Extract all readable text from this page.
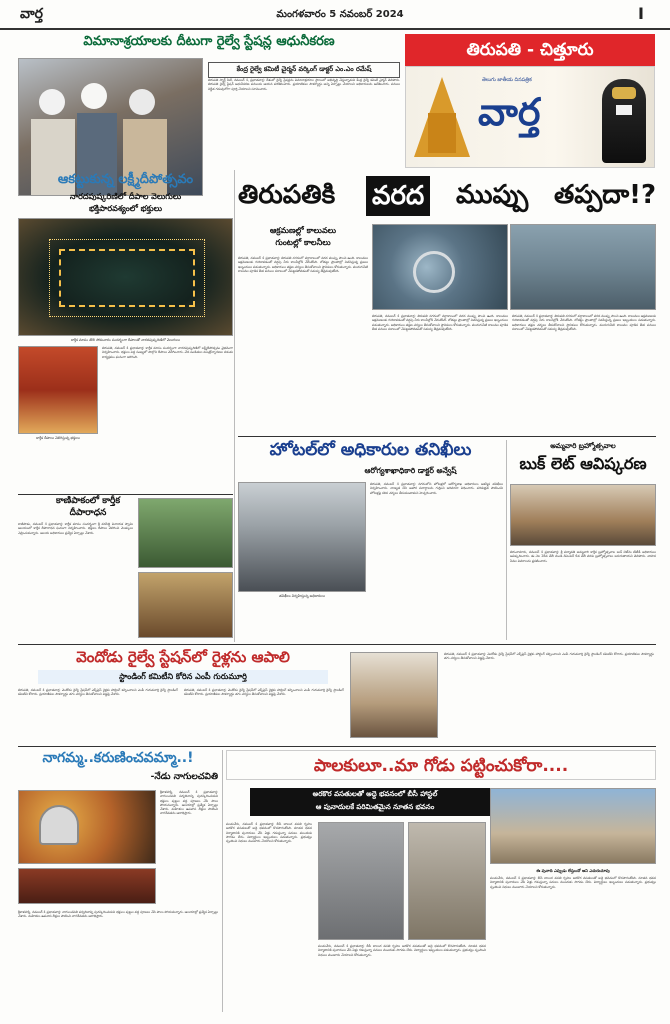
వార్త	మంగళవారం 5 నవంబర్ 2024	I
విమానాశ్రయాలకు దీటుగా రైల్వే స్టేషన్ల ఆధునీకరణ
కేంద్ర రైల్వే కమిటీ చైర్మన్ వర్కింగ్ డాక్టర్ ఎం.ఎం రమేష్
తిరుపతి స్మార్ట్ సిటీ, నవంబర్ 4, ప్రభాతవార్త: దేశంలో రైల్వే స్టేషన్లను విమానాశ్రయాల స్థాయిలో అభివృద్ధి చేస్తున్నామని కేంద్ర రైల్వే కమిటీ చైర్మన్ తెలిపారు. తిరుపతి రైల్వే స్టేషన్ ఆధునీకరణ పనులను ఆయన పరిశీలించారు. ప్రయాణికుల సౌకర్యార్థం అన్ని ఏర్పాట్లు చేయాలని అధికారులను ఆదేశించారు. పనులు నిర్ణీత గడువులోగా పూర్తి చేయాలని సూచించారు.
తిరుపతి - చిత్తూరు
వార్త
తెలుగు జాతీయ దినపత్రిక
ఆకట్టుకున్న లక్ష్మీదీపోత్సవం
నారదపుష్కరిణిలో దీపాల వెలుగులు
భక్తిపారవశ్యంలో భక్తులు
కార్తీక మాసం తొలి సోమవారం సందర్భంగా దీపాలతో నారదపుష్కరిణిలో వెలుగులు
కార్తీక దీపాలు వెలిగిస్తున్న భక్తులు
తిరుపతి, నవంబర్ 4 ప్రభాతవార్త: కార్తీక మాసం సందర్భంగా నారదపుష్కరిణిలో లక్ష్మీదీపోత్సవం వైభవంగా నిర్వహించారు. భక్తులు పెద్ద సంఖ్యలో పాల్గొని దీపాలు వెలిగించారు. వేద పండితుల మంత్రోచ్ఛారణల నడుమ కార్యక్రమం ఘనంగా జరిగింది.
కాణిపాకంలో కార్తీక దీపారాధన
కాణిపాకం, నవంబర్ 4 ప్రభాతవార్త: కార్తీక మాసం సందర్భంగా శ్రీ వరసిద్ధి వినాయక స్వామి ఆలయంలో కార్తీక దీపారాధన ఘనంగా నిర్వహించారు. భక్తులు దీపాలు వెలిగించి మొక్కులు చెల్లించుకున్నారు. ఆలయ అధికారులు ప్రత్యేక ఏర్పాట్లు చేశారు.
తిరుపతికి వరద ముప్పు తప్పదా!?
ఆక్రమణల్లో కాలువలు
గుంటల్లో కాలనీలు
తిరుపతి, నవంబర్ 4 ప్రభాతవార్త: తిరుపతి నగరంలో వర్షాకాలంలో వరద ముప్పు పొంచి ఉంది. కాలువలు ఆక్రమణలకు గురికావడంతో వర్షపు నీరు కాలనీల్లోకి చేరుతోంది. లోతట్టు ప్రాంతాల్లో నివసిస్తున్న ప్రజలు ఇబ్బందులు పడుతున్నారు. అధికారులు తక్షణ చర్యలు తీసుకోవాలని స్థానికులు కోరుతున్నారు. మురుగునీటి కాలువల పూడిక తీత పనులు సకాలంలో చేపట్టకపోవడంతో సమస్య తీవ్రమవుతోంది.
తిరుపతి, నవంబర్ 4 ప్రభాతవార్త: తిరుపతి నగరంలో వర్షాకాలంలో వరద ముప్పు పొంచి ఉంది. కాలువలు ఆక్రమణలకు గురికావడంతో వర్షపు నీరు కాలనీల్లోకి చేరుతోంది. లోతట్టు ప్రాంతాల్లో నివసిస్తున్న ప్రజలు ఇబ్బందులు పడుతున్నారు. అధికారులు తక్షణ చర్యలు తీసుకోవాలని స్థానికులు కోరుతున్నారు. మురుగునీటి కాలువల పూడిక తీత పనులు సకాలంలో చేపట్టకపోవడంతో సమస్య తీవ్రమవుతోంది.
తిరుపతి, నవంబర్ 4 ప్రభాతవార్త: తిరుపతి నగరంలో వర్షాకాలంలో వరద ముప్పు పొంచి ఉంది. కాలువలు ఆక్రమణలకు గురికావడంతో వర్షపు నీరు కాలనీల్లోకి చేరుతోంది. లోతట్టు ప్రాంతాల్లో నివసిస్తున్న ప్రజలు ఇబ్బందులు పడుతున్నారు. అధికారులు తక్షణ చర్యలు తీసుకోవాలని స్థానికులు కోరుతున్నారు. మురుగునీటి కాలువల పూడిక తీత పనులు సకాలంలో చేపట్టకపోవడంతో సమస్య తీవ్రమవుతోంది.
హోటల్‌లో అధికారుల తనిఖీలు
ఆరోగ్యశాఖాధికారి డాక్టర్ అన్వేష్
తనిఖీలు నిర్వహిస్తున్న అధికారులు
తిరుపతి, నవంబర్ 4 ప్రభాతవార్త: నగరంలోని హోటళ్లలో ఆరోగ్యశాఖ అధికారులు ఆకస్మిక తనిఖీలు నిర్వహించారు. నాణ్యత లేని ఆహార పదార్థాలను గుర్తించి జరిమానా విధించారు. పరిశుభ్రత పాటించని హోటళ్లపై కఠిన చర్యలు తీసుకుంటామని హెచ్చరించారు.
అమ్మవారి బ్రహ్మోత్సవాల
బుక్ లెట్ ఆవిష్కరణ
తిరుచానూరు, నవంబర్ 4 ప్రభాతవార్త: శ్రీ పద్మావతి అమ్మవారి కార్తీక బ్రహ్మోత్సవాల బుక్ లెట్‌ను టీటీడీ అధికారులు ఆవిష్కరించారు. ఈ నెల 28వ తేదీ నుండి డిసెంబర్ 6వ తేదీ వరకు బ్రహ్మోత్సవాలు జరుగుతాయని తెలిపారు. వాహన సేవల వివరాలను ప్రకటించారు.
వెందోడు రైల్వే స్టేషన్‌లో రైళ్లను ఆపాలి
స్టాండింగ్ కమిటీని కోరిన ఎంపీ గురుమూర్తి
తిరుపతి, నవంబర్ 4 ప్రభాతవార్త: వెందోడు రైల్వే స్టేషన్‌లో ఎక్స్‌ప్రెస్ రైళ్లకు హాల్టింగ్ కల్పించాలని ఎంపీ గురుమూర్తి రైల్వే స్టాండింగ్ కమిటీని కోరారు. ప్రయాణికుల సౌకర్యార్థం తగు చర్యలు తీసుకోవాలని విజ్ఞప్తి చేశారు.
తిరుపతి, నవంబర్ 4 ప్రభాతవార్త: వెందోడు రైల్వే స్టేషన్‌లో ఎక్స్‌ప్రెస్ రైళ్లకు హాల్టింగ్ కల్పించాలని ఎంపీ గురుమూర్తి రైల్వే స్టాండింగ్ కమిటీని కోరారు. ప్రయాణికుల సౌకర్యార్థం తగు చర్యలు తీసుకోవాలని విజ్ఞప్తి చేశారు.
తిరుపతి, నవంబర్ 4 ప్రభాతవార్త: వెందోడు రైల్వే స్టేషన్‌లో ఎక్స్‌ప్రెస్ రైళ్లకు హాల్టింగ్ కల్పించాలని ఎంపీ గురుమూర్తి రైల్వే స్టాండింగ్ కమిటీని కోరారు. ప్రయాణికుల సౌకర్యార్థం తగు చర్యలు తీసుకోవాలని విజ్ఞప్తి చేశారు.
నాగమ్మ..కరుణించవమ్మా..!
-నేడు నాగులచవితి
శ్రీకాళహస్తి, నవంబర్ 4 ప్రభాతవార్త: నాగులచవితి పర్వదినాన్ని పురస్కరించుకుని భక్తులు పుట్టల వద్ద పూజలు చేసి పాలు పోయనున్నారు. ఆలయాల్లో ప్రత్యేక ఏర్పాట్లు చేశారు. మహిళలు ఉపవాస దీక్షలు పాటించి నాగదేవతను ఆరాధిస్తారు.
శ్రీకాళహస్తి, నవంబర్ 4 ప్రభాతవార్త: నాగులచవితి పర్వదినాన్ని పురస్కరించుకుని భక్తులు పుట్టల వద్ద పూజలు చేసి పాలు పోయనున్నారు. ఆలయాల్లో ప్రత్యేక ఏర్పాట్లు చేశారు. మహిళలు ఉపవాస దీక్షలు పాటించి నాగదేవతను ఆరాధిస్తారు.
పాలకులూ..మా గోడు పట్టించుకోరా....
అరకొర వసతులతో అద్దె భవనంలో బీసీ హాస్టల్
ఆ పునాదులకే పరిమితమైన నూతన భవనం
పలమనేరు, నవంబర్ 4 ప్రభాతవార్త: బీసీ బాలుర వసతి గృహం అరకొర వసతులతో అద్దె భవనంలో కొనసాగుతోంది. నూతన భవన నిర్మాణానికి పునాదులు వేసి ఏళ్లు గడుస్తున్నా పనులు ముందుకు సాగడం లేదు. విద్యార్థులు ఇబ్బందులు పడుతున్నారు. ప్రభుత్వం స్పందించి నిధులు మంజూరు చేయాలని కోరుతున్నారు.
పలమనేరు, నవంబర్ 4 ప్రభాతవార్త: బీసీ బాలుర వసతి గృహం అరకొర వసతులతో అద్దె భవనంలో కొనసాగుతోంది. నూతన భవన నిర్మాణానికి పునాదులు వేసి ఏళ్లు గడుస్తున్నా పనులు ముందుకు సాగడం లేదు. విద్యార్థులు ఇబ్బందులు పడుతున్నారు. ప్రభుత్వం స్పందించి నిధులు మంజూరు చేయాలని కోరుతున్నారు.
ఈ పునాది ఎప్పుడు లేస్తుందో అని ఎదురుచూపు
పలమనేరు, నవంబర్ 4 ప్రభాతవార్త: బీసీ బాలుర వసతి గృహం అరకొర వసతులతో అద్దె భవనంలో కొనసాగుతోంది. నూతన భవన నిర్మాణానికి పునాదులు వేసి ఏళ్లు గడుస్తున్నా పనులు ముందుకు సాగడం లేదు. విద్యార్థులు ఇబ్బందులు పడుతున్నారు. ప్రభుత్వం స్పందించి నిధులు మంజూరు చేయాలని కోరుతున్నారు.
